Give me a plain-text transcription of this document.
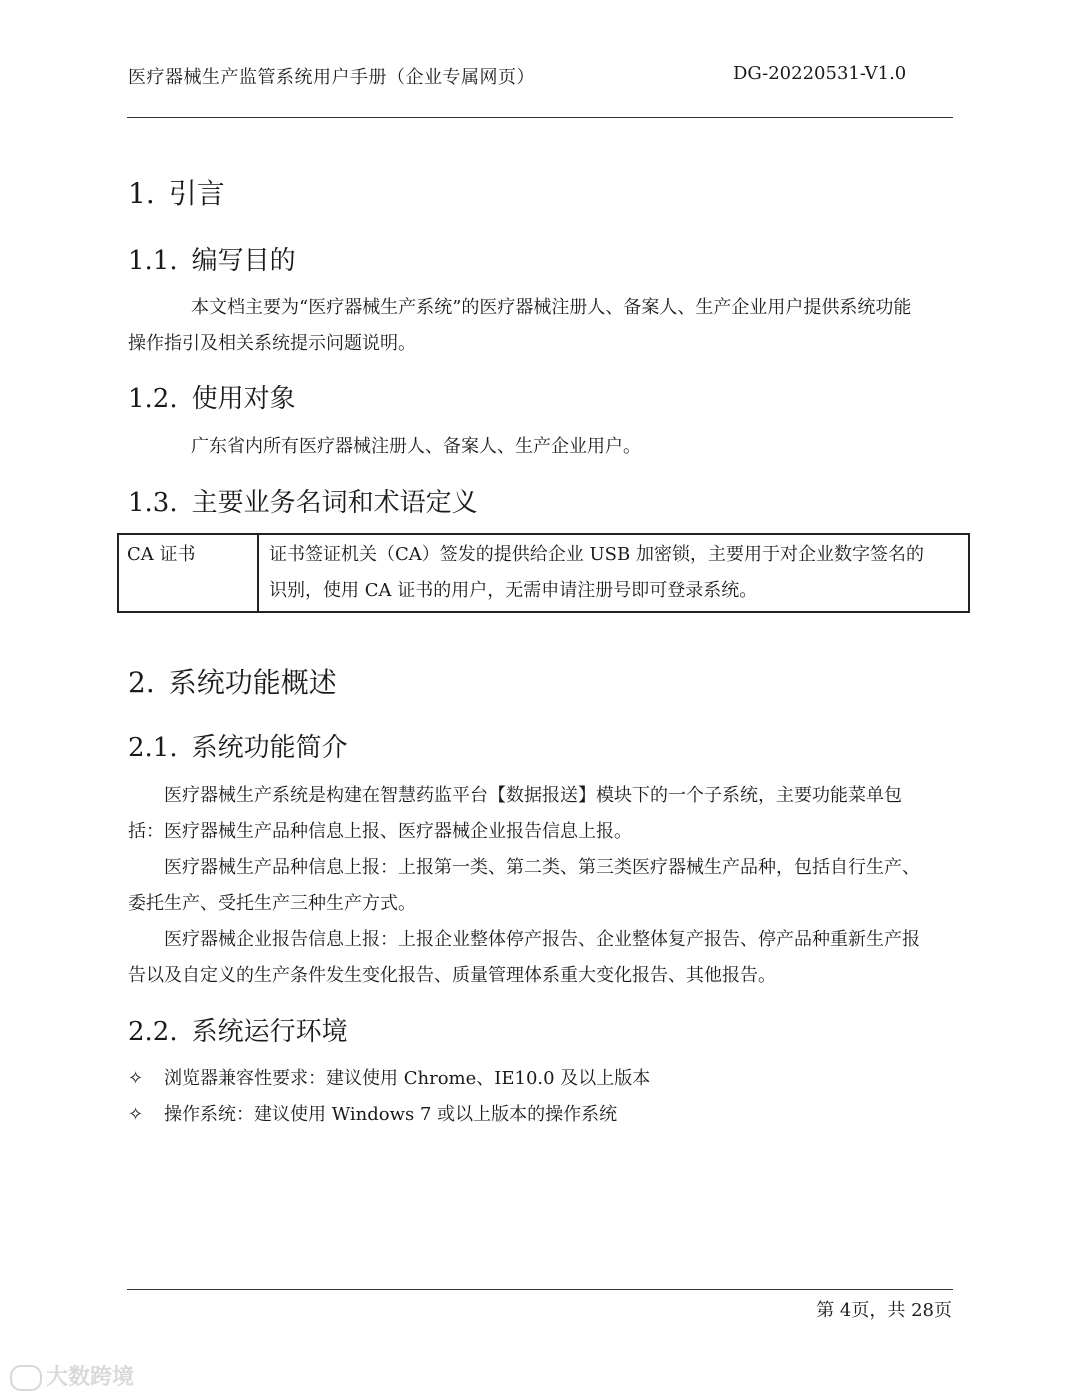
医疗器械生产监管系统用户手册（企业专属网页）	DG-20220531-V1.0
1. 引言
1.1. 编写目的

本文档主要为“医疗器械生产系统”的医疗器械注册人、备案人、生产企业用户提供系统功能

操作指引及相关系统提示问题说明。

1.2. 使用对象

广东省内所有医疗器械注册人、备案人、生产企业用户。

1.3. 主要业务名词和术语定义
CA 证书	证书签证机关（CA）签发的提供给企业 USB 加密锁，主要用于对企业数字签名的
识别，使用 CA 证书的用户，无需申请注册号即可登录系统。
2. 系统功能概述
2.1. 系统功能简介

医疗器械生产系统是构建在智慧药监平台【数据报送】模块下的一个子系统，主要功能菜单包

括：医疗器械生产品种信息上报、医疗器械企业报告信息上报。

医疗器械生产品种信息上报：上报第一类、第二类、第三类医疗器械生产品种，包括自行生产、

委托生产、受托生产三种生产方式。

医疗器械企业报告信息上报：上报企业整体停产报告、企业整体复产报告、停产品种重新生产报

告以及自定义的生产条件发生变化报告、质量管理体系重大变化报告、其他报告。

2.2. 系统运行环境
✧ 浏览器兼容性要求：建议使用 Chrome、IE10.0 及以上版本
✧ 操作系统：建议使用 Windows 7 或以上版本的操作系统
第 4页，共 28页
大数跨境
